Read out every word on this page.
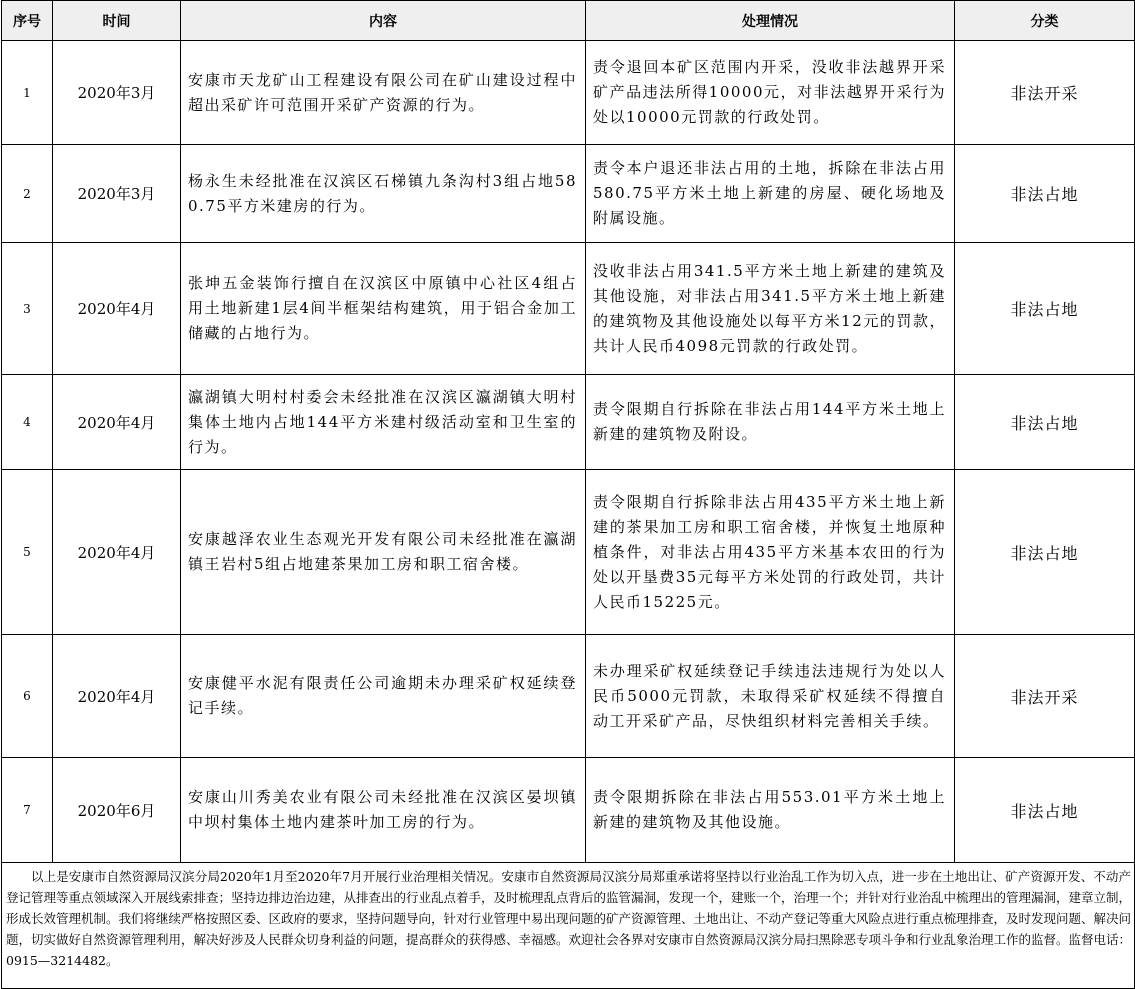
序号	时间	内容	处理情况	分类
1	2020年3月	安康市天龙矿山工程建设有限公司在矿山建设过程中超出采矿许可范围开采矿产资源的行为。	责令退回本矿区范围内开采，没收非法越界开采矿产品违法所得10000元，对非法越界开采行为处以10000元罚款的行政处罚。	非法开采
2	2020年3月	杨永生未经批准在汉滨区石梯镇九条沟村3组占地580.75平方米建房的行为。	责令本户退还非法占用的土地，拆除在非法占用580.75平方米土地上新建的房屋、硬化场地及附属设施。	非法占地
3	2020年4月	张坤五金装饰行擅自在汉滨区中原镇中心社区4组占用土地新建1层4间半框架结构建筑，用于铝合金加工储藏的占地行为。	没收非法占用341.5平方米土地上新建的建筑及其他设施，对非法占用341.5平方米土地上新建的建筑物及其他设施处以每平方米12元的罚款，共计人民币4098元罚款的行政处罚。	非法占地
4	2020年4月	瀛湖镇大明村村委会未经批准在汉滨区瀛湖镇大明村集体土地内占地144平方米建村级活动室和卫生室的行为。	责令限期自行拆除在非法占用144平方米土地上新建的建筑物及附设。	非法占地
5	2020年4月	安康越泽农业生态观光开发有限公司未经批准在瀛湖镇王岩村5组占地建茶果加工房和职工宿舍楼。	责令限期自行拆除非法占用435平方米土地上新建的茶果加工房和职工宿舍楼，并恢复土地原种植条件，对非法占用435平方米基本农田的行为处以开垦费35元每平方米处罚的行政处罚，共计人民币15225元。	非法占地
6	2020年4月	安康健平水泥有限责任公司逾期未办理采矿权延续登记手续。	未办理采矿权延续登记手续违法违规行为处以人民币5000元罚款，未取得采矿权延续不得擅自动工开采矿产品，尽快组织材料完善相关手续。	非法开采
7	2020年6月	安康山川秀美农业有限公司未经批准在汉滨区晏坝镇中坝村集体土地内建茶叶加工房的行为。	责令限期拆除在非法占用553.01平方米土地上新建的建筑物及其他设施。	非法占地
以上是安康市自然资源局汉滨分局2020年1月至2020年7月开展行业治理相关情况。安康市自然资源局汉滨分局郑重承诺将坚持以行业治乱工作为切入点，进一步在土地出让、矿产资源开发、不动产登记管理等重点领域深入开展线索排查；坚持边排边治边建，从排查出的行业乱点着手，及时梳理乱点背后的监管漏洞，发现一个，建账一个，治理一个；并针对行业治乱中梳理出的管理漏洞，建章立制，形成长效管理机制。我们将继续严格按照区委、区政府的要求，坚持问题导向，针对行业管理中易出现问题的矿产资源管理、土地出让、不动产登记等重大风险点进行重点梳理排查，及时发现问题、解决问题，切实做好自然资源管理利用，解决好涉及人民群众切身利益的问题，提高群众的获得感、幸福感。欢迎社会各界对安康市自然资源局汉滨分局扫黑除恶专项斗争和行业乱象治理工作的监督。监督电话：0915—3214482。				
